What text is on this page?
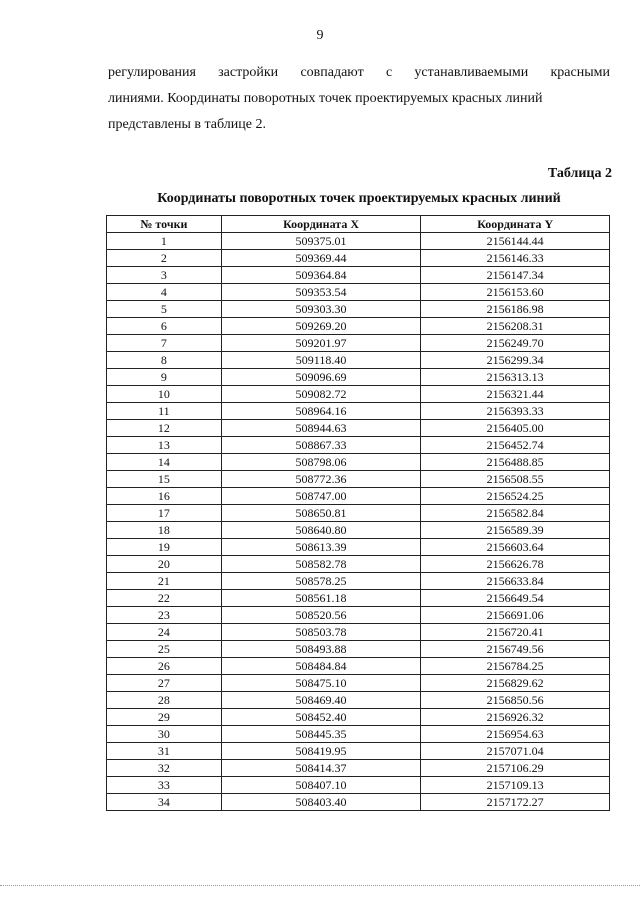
9
регулирования застройки совпадают с устанавливаемыми красными
линиями. Координаты поворотных точек проектируемых красных линий
представлены в таблице 2.
Таблица 2
Координаты поворотных точек проектируемых красных линий
№ точки	Координата X	Координата Y
1	509375.01	2156144.44
2	509369.44	2156146.33
3	509364.84	2156147.34
4	509353.54	2156153.60
5	509303.30	2156186.98
6	509269.20	2156208.31
7	509201.97	2156249.70
8	509118.40	2156299.34
9	509096.69	2156313.13
10	509082.72	2156321.44
11	508964.16	2156393.33
12	508944.63	2156405.00
13	508867.33	2156452.74
14	508798.06	2156488.85
15	508772.36	2156508.55
16	508747.00	2156524.25
17	508650.81	2156582.84
18	508640.80	2156589.39
19	508613.39	2156603.64
20	508582.78	2156626.78
21	508578.25	2156633.84
22	508561.18	2156649.54
23	508520.56	2156691.06
24	508503.78	2156720.41
25	508493.88	2156749.56
26	508484.84	2156784.25
27	508475.10	2156829.62
28	508469.40	2156850.56
29	508452.40	2156926.32
30	508445.35	2156954.63
31	508419.95	2157071.04
32	508414.37	2157106.29
33	508407.10	2157109.13
34	508403.40	2157172.27
